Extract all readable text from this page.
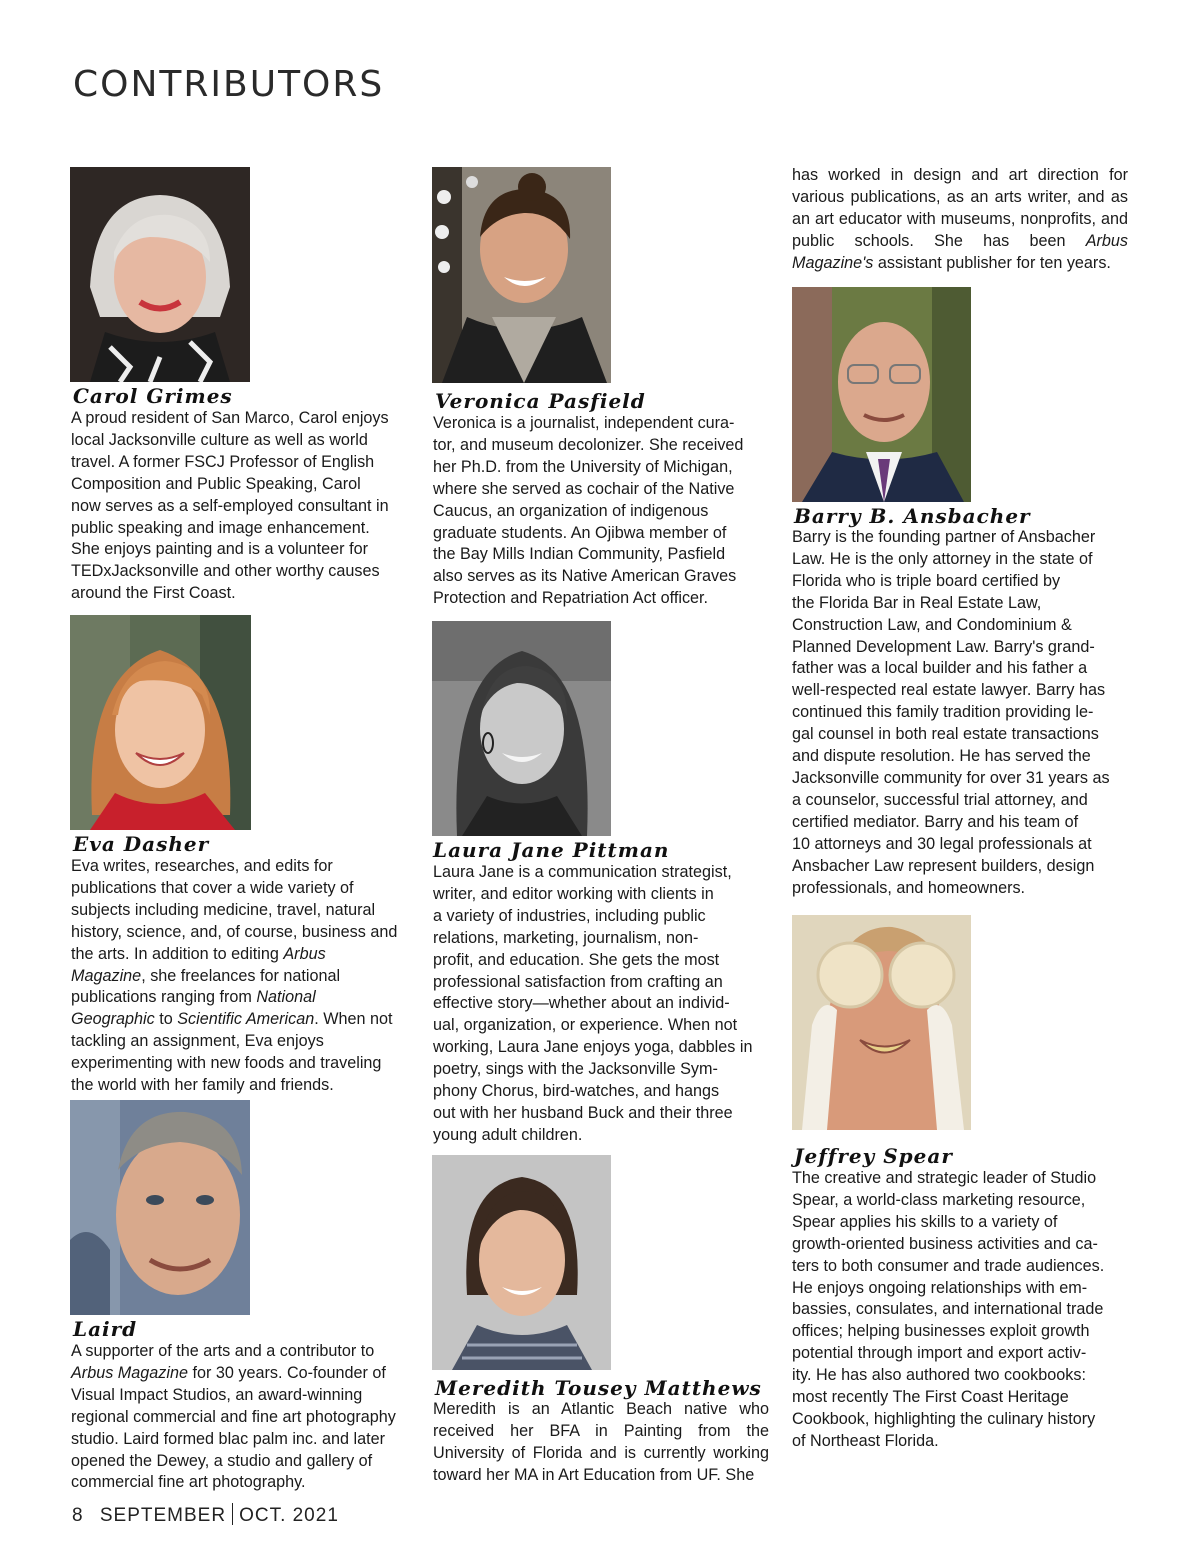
CONTRIBUTORS
Carol Grimes
A proud resident of San Marco, Carol enjoys
local Jacksonville culture as well as world
travel. A former FSCJ Professor of English
Composition and Public Speaking, Carol
now serves as a self-employed consultant in
public speaking and image enhancement.
She enjoys painting and is a volunteer for
TEDxJacksonville and other worthy causes
around the First Coast.
Eva Dasher

Eva writes, researches, and edits for publications that cover a wide variety of subjects including medicine, travel, natural history, science, and, of course, business and the arts. In addition to editing Arbus Magazine, she freelances for national publications ranging from National Geographic to Scientific American. When not tackling an assignment, Eva enjoys experimenting with new foods and traveling the world with her family and friends.

Laird

A supporter of the arts and a contributor to Arbus Magazine for 30 years. Co-founder of Visual Impact Studios, an award-winning regional commercial and fine art photography studio. Laird formed blac palm inc. and later opened the Dewey, a studio and gallery of commercial fine art photography.

Veronica Pasfield
Veronica is a journalist, independent cura-
tor, and museum decolonizer. She received
her Ph.D. from the University of Michigan,
where she served as cochair of the Native
Caucus, an organization of indigenous
graduate students. An Ojibwa member of
the Bay Mills Indian Community, Pasfield
also serves as its Native American Graves
Protection and Repatriation Act officer.
Laura Jane Pittman
Laura Jane is a communication strategist,
writer, and editor working with clients in
a variety of industries, including public
relations, marketing, journalism, non-
profit, and education. She gets the most
professional satisfaction from crafting an
effective story—whether about an individ-
ual, organization, or experience. When not
working, Laura Jane enjoys yoga, dabbles in
poetry, sings with the Jacksonville Sym-
phony Chorus, bird-watches, and hangs
out with her husband Buck and their three
young adult children.
Meredith Tousey Matthews

Meredith is an Atlantic Beach native who received her BFA in Painting from the University of Florida and is currently working toward her MA in Art Education from UF. She

has worked in design and art direction for various publications, as an arts writer, and as an art educator with museums, nonprofits, and public schools. She has been Arbus Magazine's assistant publisher for ten years.

Barry B. Ansbacher
Barry is the founding partner of Ansbacher
Law. He is the only attorney in the state of
Florida who is triple board certified by
the Florida Bar in Real Estate Law,
Construction Law, and Condominium &
Planned Development Law. Barry's grand-
father was a local builder and his father a
well-respected real estate lawyer. Barry has
continued this family tradition providing le-
gal counsel in both real estate transactions
and dispute resolution. He has served the
Jacksonville community for over 31 years as
a counselor, successful trial attorney, and
certified mediator. Barry and his team of
10 attorneys and 30 legal professionals at
Ansbacher Law represent builders, design
professionals, and homeowners.
Jeffrey Spear
The creative and strategic leader of Studio
Spear, a world-class marketing resource,
Spear applies his skills to a variety of
growth-oriented business activities and ca-
ters to both consumer and trade audiences.
He enjoys ongoing relationships with em-
bassies, consulates, and international trade
offices; helping businesses exploit growth
potential through import and export activ-
ity. He has also authored two cookbooks:
most recently The First Coast Heritage
Cookbook, highlighting the culinary history
of Northeast Florida.
8 SEPTEMBER OCT. 2021
